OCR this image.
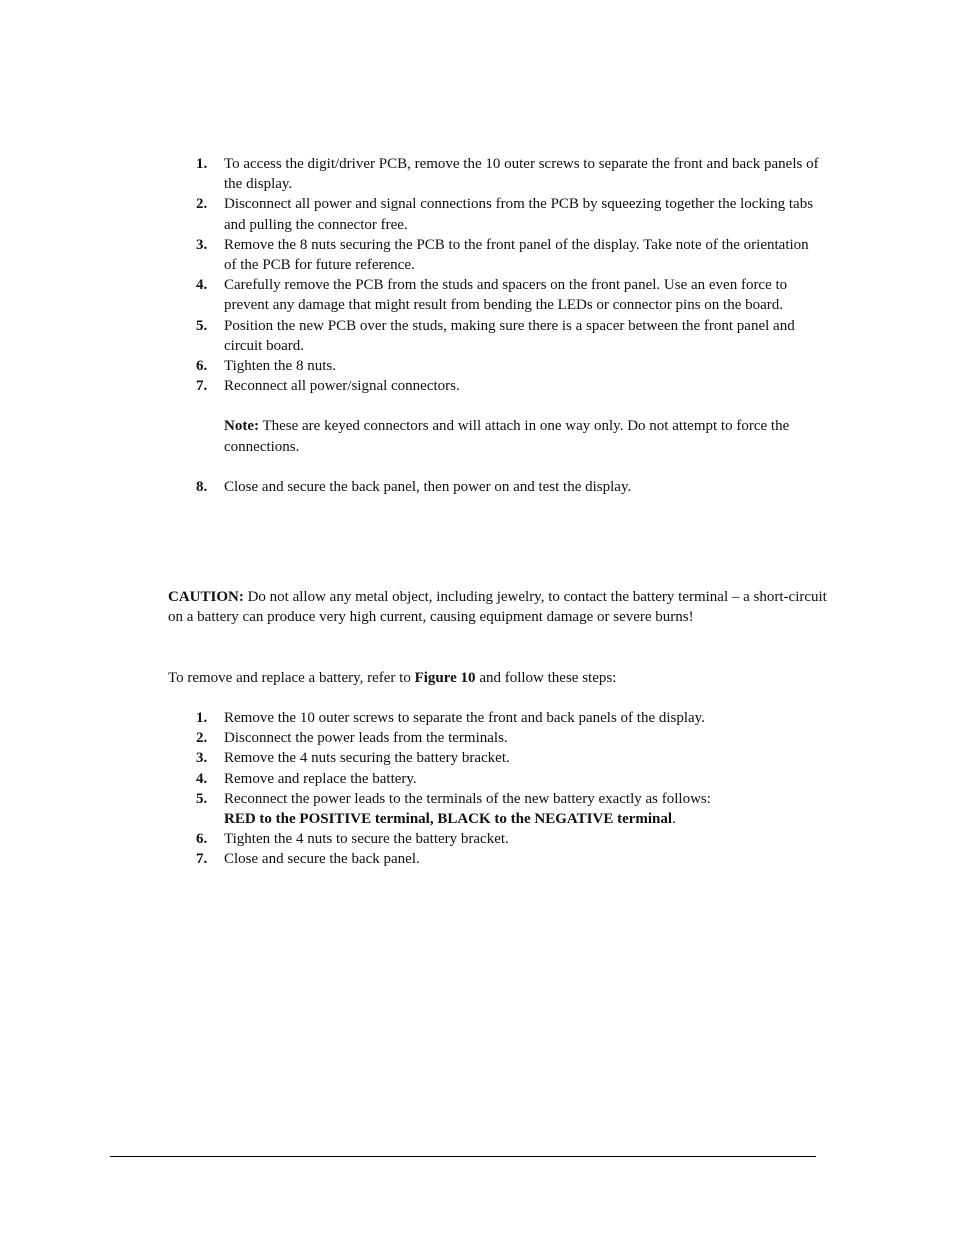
1. To access the digit/driver PCB, remove the 10 outer screws to separate the front and back panels of the display.
2. Disconnect all power and signal connections from the PCB by squeezing together the locking tabs and pulling the connector free.
3. Remove the 8 nuts securing the PCB to the front panel of the display. Take note of the orientation of the PCB for future reference.
4. Carefully remove the PCB from the studs and spacers on the front panel. Use an even force to prevent any damage that might result from bending the LEDs or connector pins on the board.
5. Position the new PCB over the studs, making sure there is a spacer between the front panel and circuit board.
6. Tighten the 8 nuts.
7. Reconnect all power/signal connectors.
Note: These are keyed connectors and will attach in one way only. Do not attempt to force the connections.
8. Close and secure the back panel, then power on and test the display.

CAUTION: Do not allow any metal object, including jewelry, to contact the battery terminal – a short-circuit on a battery can produce very high current, causing equipment damage or severe burns!

To remove and replace a battery, refer to Figure 10 and follow these steps:

1. Remove the 10 outer screws to separate the front and back panels of the display.
2. Disconnect the power leads from the terminals.
3. Remove the 4 nuts securing the battery bracket.
4. Remove and replace the battery.
5. Reconnect the power leads to the terminals of the new battery exactly as follows:
RED to the POSITIVE terminal, BLACK to the NEGATIVE terminal.
6. Tighten the 4 nuts to secure the battery bracket.
7. Close and secure the back panel.
